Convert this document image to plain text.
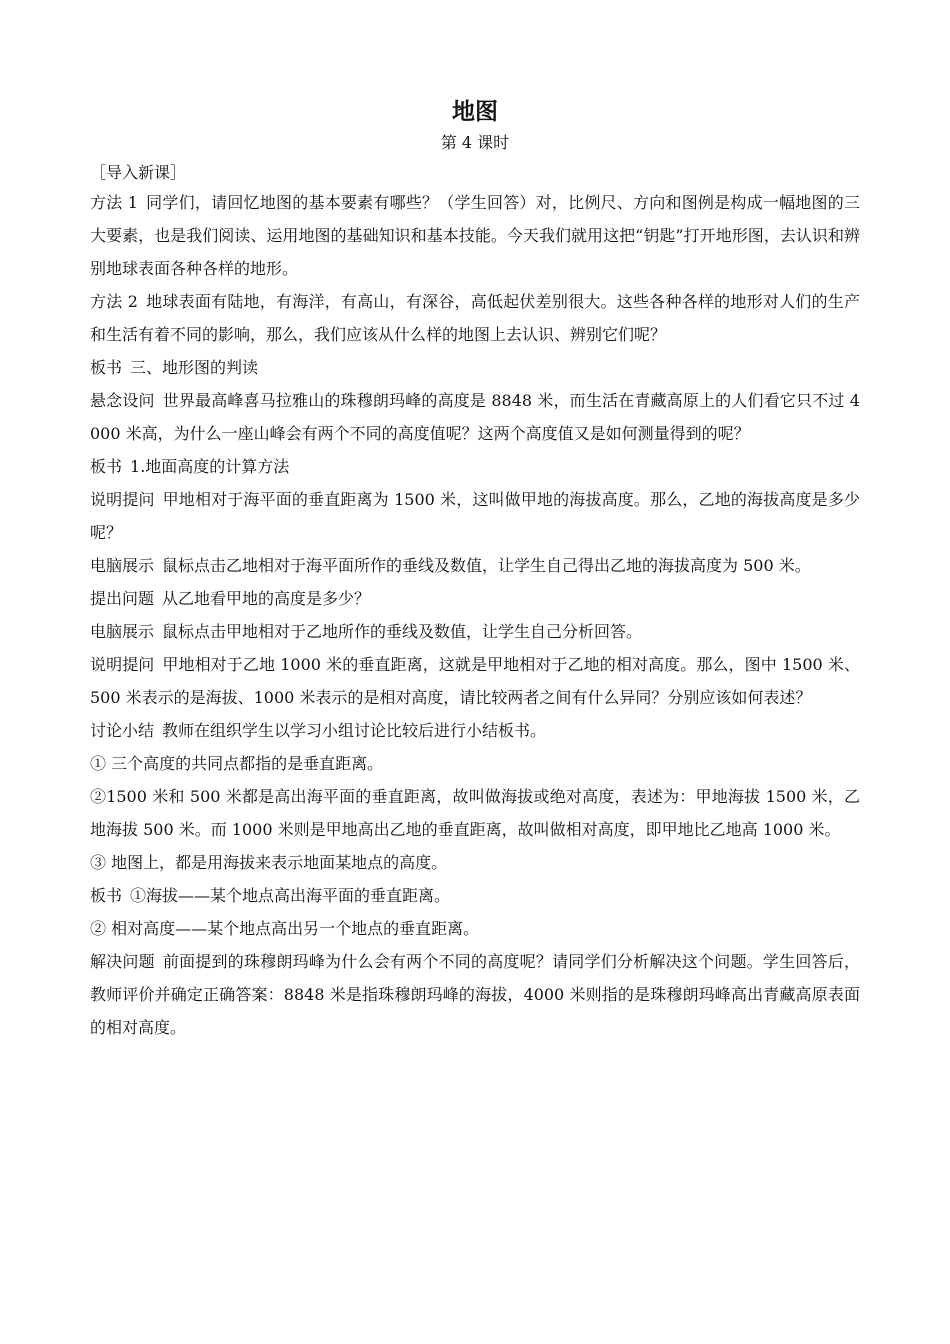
地图
第 4 课时
［导入新课］

方法 1 同学们，请回忆地图的基本要素有哪些？（学生回答）对，比例尺、方向和图例是构成一幅地图的三大要素，也是我们阅读、运用地图的基础知识和基本技能。今天我们就用这把“钥匙”打开地形图，去认识和辨别地球表面各种各样的地形。

方法 2 地球表面有陆地，有海洋，有高山，有深谷，高低起伏差别很大。这些各种各样的地形对人们的生产和生活有着不同的影响，那么，我们应该从什么样的地图上去认识、辨别它们呢？

板书 三、地形图的判读

悬念设问 世界最高峰喜马拉雅山的珠穆朗玛峰的高度是 8848 米，而生活在青藏高原上的人们看它只不过 4000 米高，为什么一座山峰会有两个不同的高度值呢？这两个高度值又是如何测量得到的呢？

板书 1.地面高度的计算方法

说明提问 甲地相对于海平面的垂直距离为 1500 米，这叫做甲地的海拔高度。那么，乙地的海拔高度是多少呢？

电脑展示 鼠标点击乙地相对于海平面所作的垂线及数值，让学生自己得出乙地的海拔高度为 500 米。

提出问题 从乙地看甲地的高度是多少？

电脑展示 鼠标点击甲地相对于乙地所作的垂线及数值，让学生自己分析回答。

说明提问 甲地相对于乙地 1000 米的垂直距离，这就是甲地相对于乙地的相对高度。那么，图中 1500 米、500 米表示的是海拔、1000 米表示的是相对高度，请比较两者之间有什么异同？分别应该如何表述？

讨论小结 教师在组织学生以学习小组讨论比较后进行小结板书。

① 三个高度的共同点都指的是垂直距离。

②1500 米和 500 米都是高出海平面的垂直距离，故叫做海拔或绝对高度，表述为：甲地海拔 1500 米，乙地海拔 500 米。而 1000 米则是甲地高出乙地的垂直距离，故叫做相对高度，即甲地比乙地高 1000 米。

③ 地图上，都是用海拔来表示地面某地点的高度。

板书 ①海拔——某个地点高出海平面的垂直距离。

② 相对高度——某个地点高出另一个地点的垂直距离。

解决问题 前面提到的珠穆朗玛峰为什么会有两个不同的高度呢？请同学们分析解决这个问题。学生回答后，教师评价并确定正确答案：8848 米是指珠穆朗玛峰的海拔，4000 米则指的是珠穆朗玛峰高出青藏高原表面的相对高度。
